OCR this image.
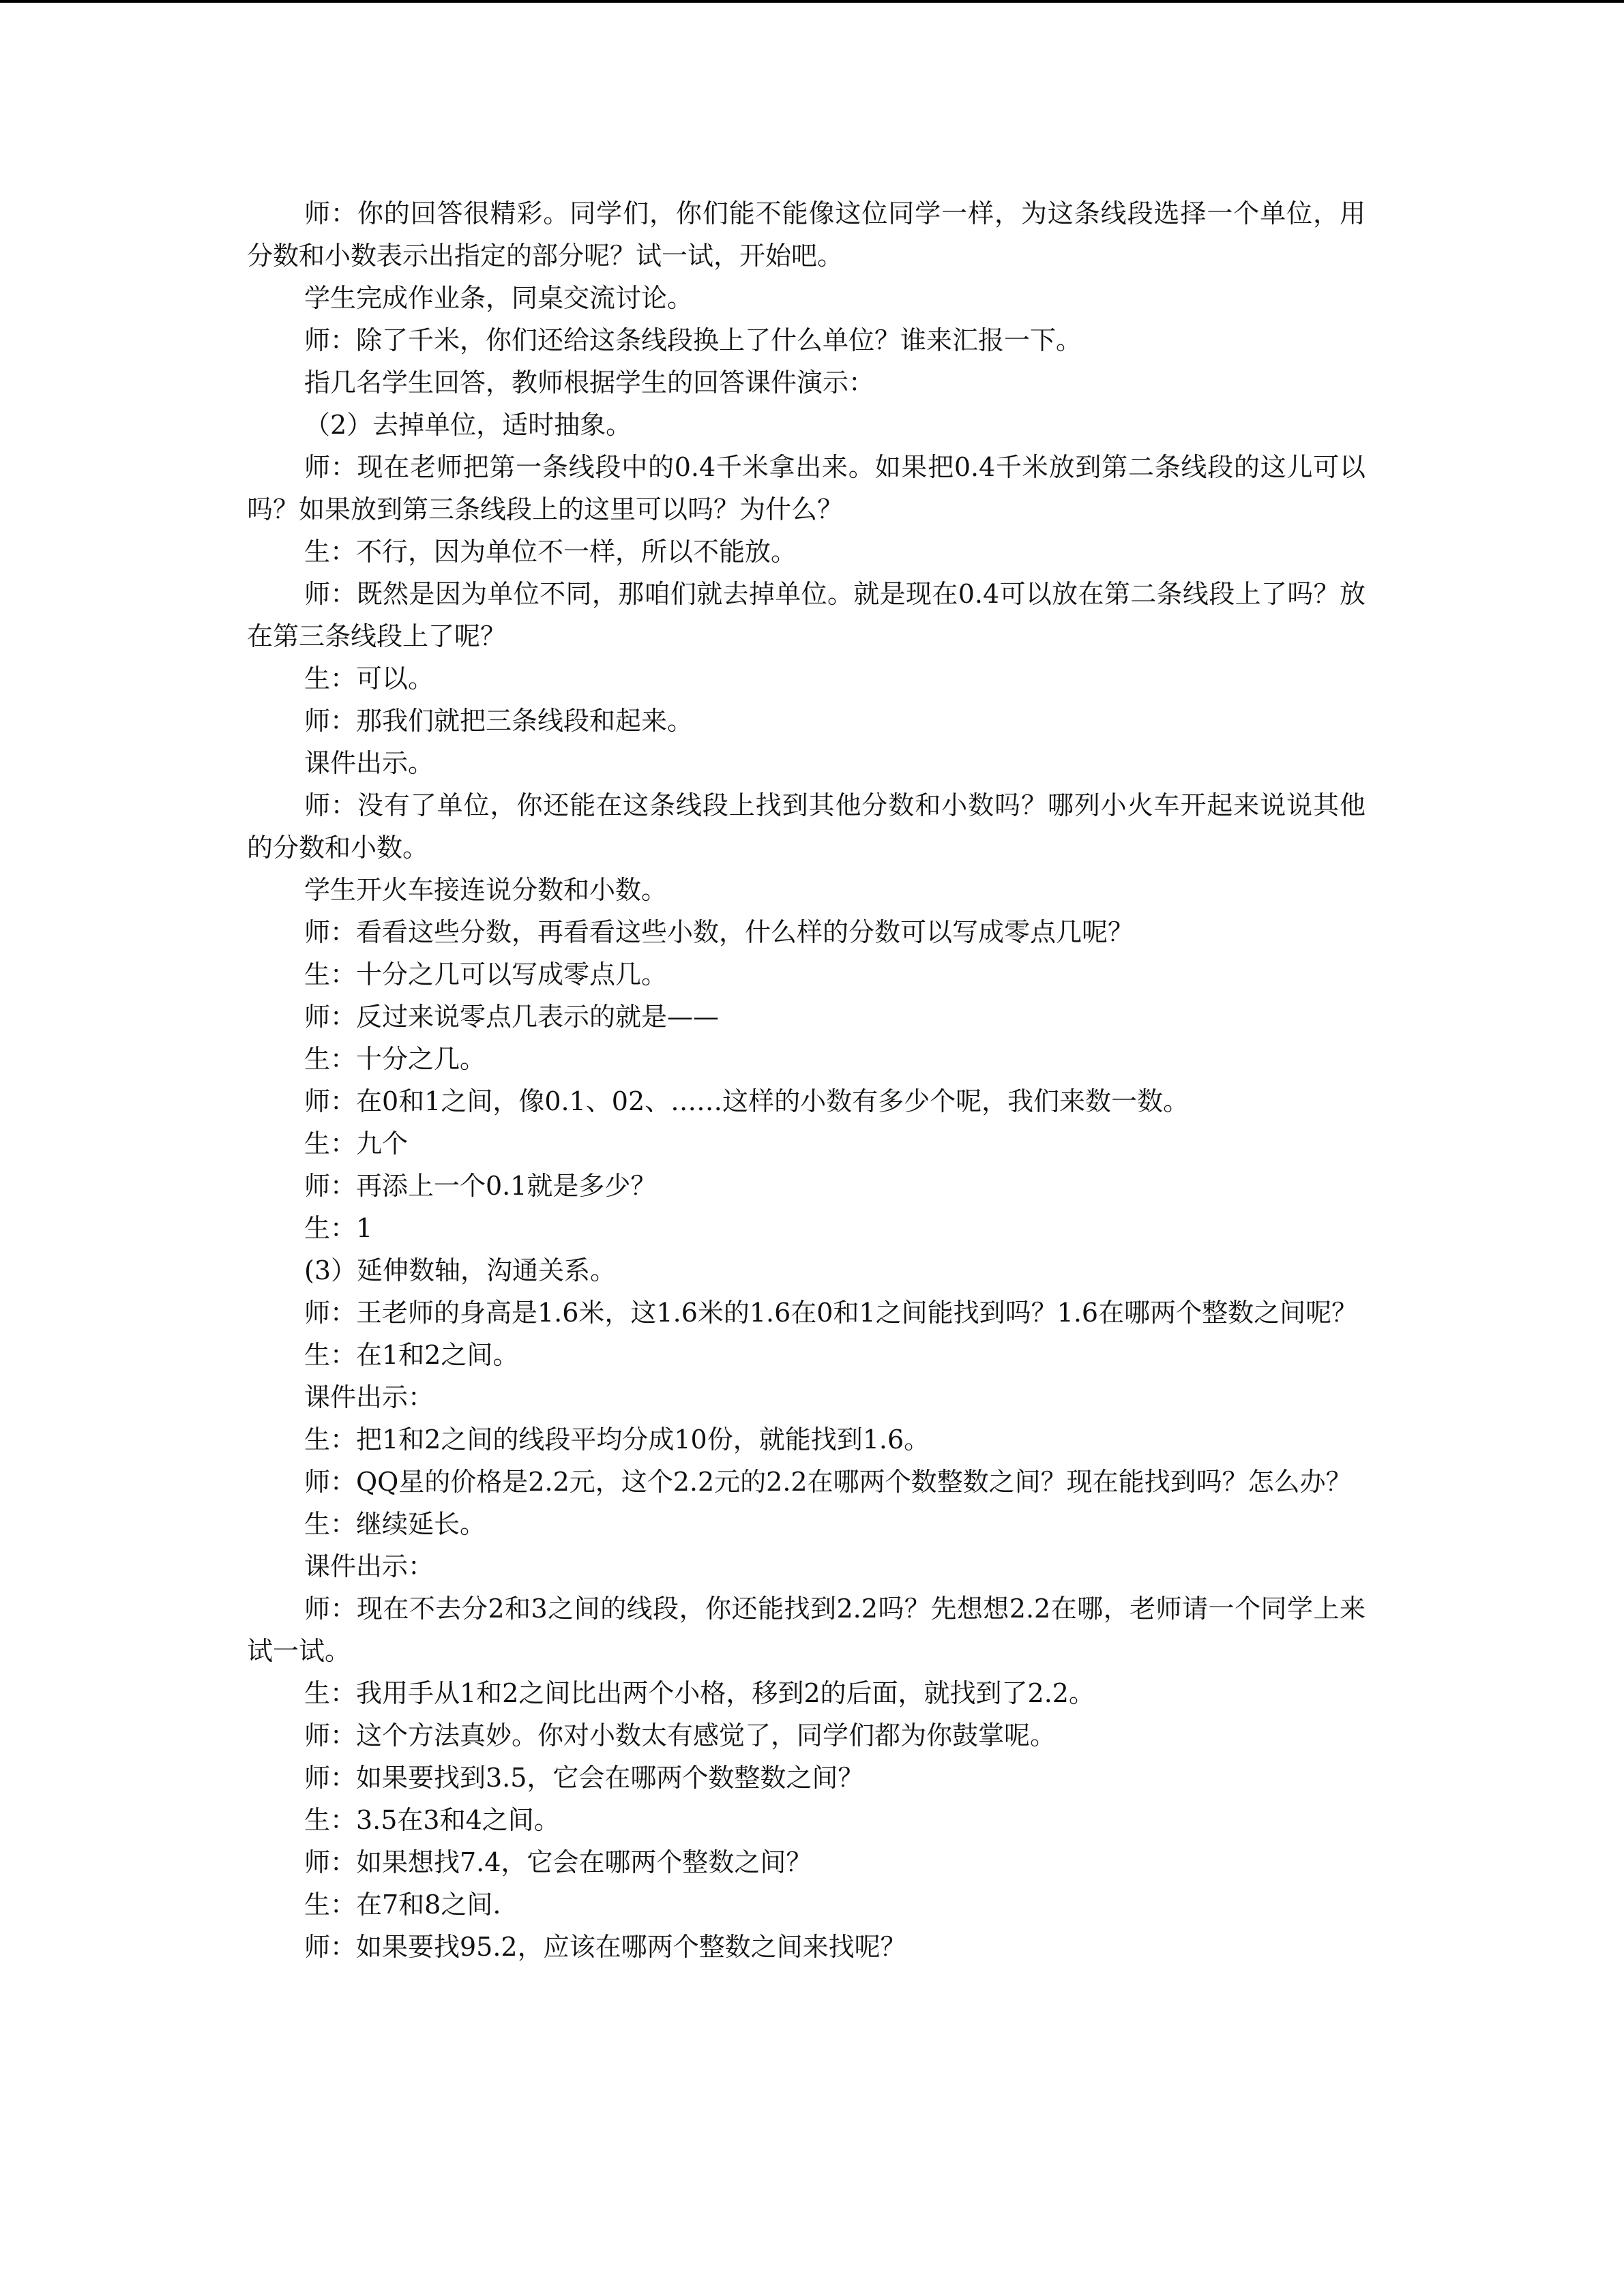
师：你的回答很精彩。同学们，你们能不能像这位同学一样，为这条线段选择一个单位，用分数和小数表示出指定的部分呢？试一试，开始吧。

学生完成作业条，同桌交流讨论。

师：除了千米，你们还给这条线段换上了什么单位？谁来汇报一下。

指几名学生回答，教师根据学生的回答课件演示：

（2）去掉单位，适时抽象。

师：现在老师把第一条线段中的0.4千米拿出来。如果把0.4千米放到第二条线段的这儿可以吗？如果放到第三条线段上的这里可以吗？为什么？

生：不行，因为单位不一样，所以不能放。

师：既然是因为单位不同，那咱们就去掉单位。就是现在0.4可以放在第二条线段上了吗？放在第三条线段上了呢？

生：可以。

师：那我们就把三条线段和起来。

课件出示。

师：没有了单位，你还能在这条线段上找到其他分数和小数吗？哪列小火车开起来说说其他的分数和小数。

学生开火车接连说分数和小数。

师：看看这些分数，再看看这些小数，什么样的分数可以写成零点几呢？

生：十分之几可以写成零点几。

师：反过来说零点几表示的就是——

生：十分之几。

师：在0和1之间，像0.1、02、……这样的小数有多少个呢，我们来数一数。

生：九个

师：再添上一个0.1就是多少？

生：1

(3）延伸数轴，沟通关系。

师：王老师的身高是1.6米，这1.6米的1.6在0和1之间能找到吗？1.6在哪两个整数之间呢？

生：在1和2之间。

课件出示：

生：把1和2之间的线段平均分成10份，就能找到1.6。

师：QQ星的价格是2.2元，这个2.2元的2.2在哪两个数整数之间？现在能找到吗？怎么办？

生：继续延长。

课件出示：

师：现在不去分2和3之间的线段，你还能找到2.2吗？先想想2.2在哪，老师请一个同学上来试一试。

生：我用手从1和2之间比出两个小格，移到2的后面，就找到了2.2。

师：这个方法真妙。你对小数太有感觉了，同学们都为你鼓掌呢。

师：如果要找到3.5，它会在哪两个数整数之间？

生：3.5在3和4之间。

师：如果想找7.4，它会在哪两个整数之间？

生：在7和8之间.

师：如果要找95.2，应该在哪两个整数之间来找呢？
